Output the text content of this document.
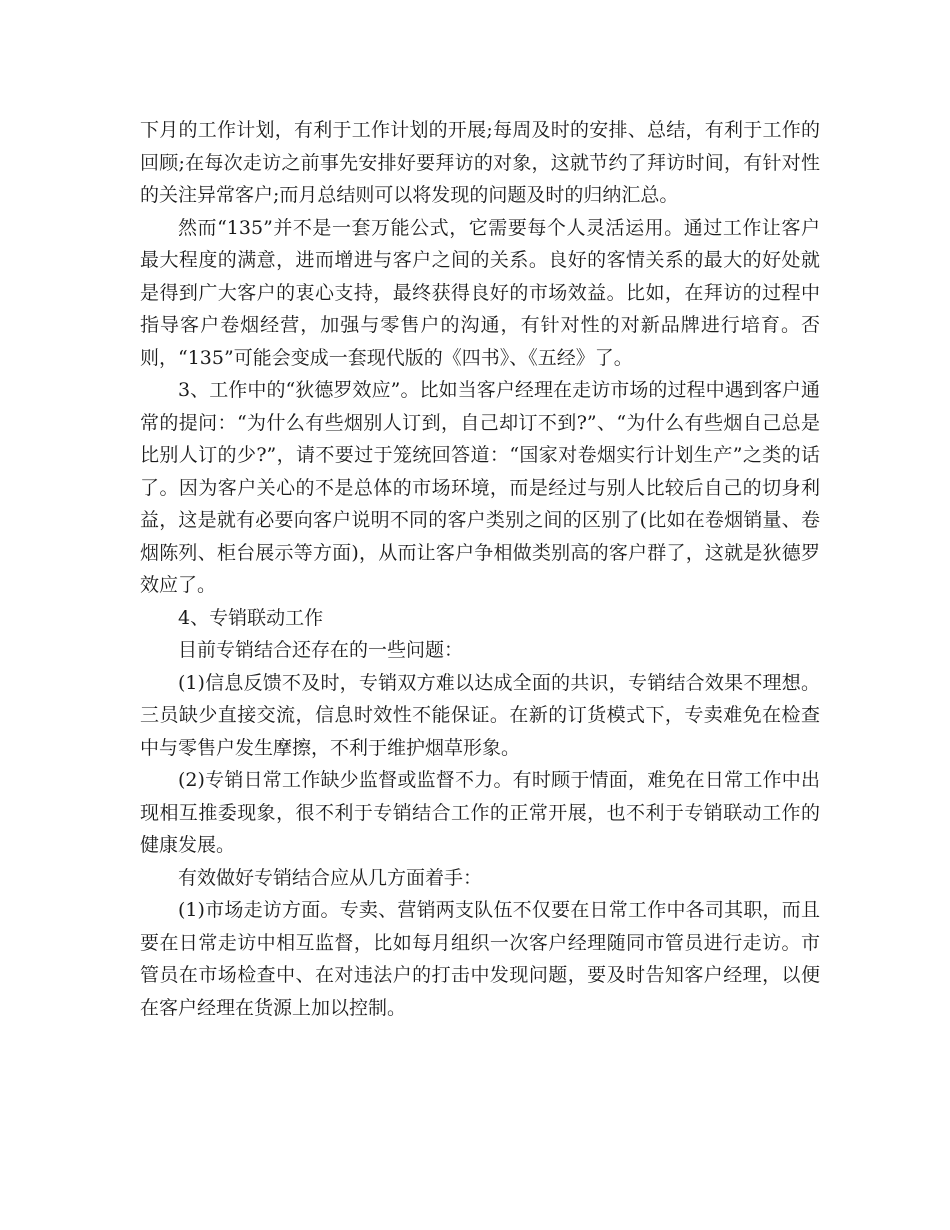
下月的工作计划，有利于工作计划的开展;每周及时的安排、总结，有利于工作的回顾;在每次走访之前事先安排好要拜访的对象，这就节约了拜访时间，有针对性的关注异常客户;而月总结则可以将发现的问题及时的归纳汇总。

然而“135”并不是一套万能公式，它需要每个人灵活运用。通过工作让客户最大程度的满意，进而增进与客户之间的关系。良好的客情关系的最大的好处就是得到广大客户的衷心支持，最终获得良好的市场效益。比如，在拜访的过程中指导客户卷烟经营，加强与零售户的沟通，有针对性的对新品牌进行培育。否则，“135”可能会变成一套现代版的《四书》、《五经》了。

3、工作中的“狄德罗效应”。比如当客户经理在走访市场的过程中遇到客户通常的提问：“为什么有些烟别人订到，自己却订不到?”、“为什么有些烟自己总是比别人订的少?”，请不要过于笼统回答道：“国家对卷烟实行计划生产”之类的话了。因为客户关心的不是总体的市场环境，而是经过与别人比较后自己的切身利益，这是就有必要向客户说明不同的客户类别之间的区别了(比如在卷烟销量、卷烟陈列、柜台展示等方面)，从而让客户争相做类别高的客户群了，这就是狄德罗效应了。

4、专销联动工作

目前专销结合还存在的一些问题：

(1)信息反馈不及时，专销双方难以达成全面的共识，专销结合效果不理想。三员缺少直接交流，信息时效性不能保证。在新的订货模式下，专卖难免在检查中与零售户发生摩擦，不利于维护烟草形象。

(2)专销日常工作缺少监督或监督不力。有时顾于情面，难免在日常工作中出现相互推委现象，很不利于专销结合工作的正常开展，也不利于专销联动工作的健康发展。

有效做好专销结合应从几方面着手：

(1)市场走访方面。专卖、营销两支队伍不仅要在日常工作中各司其职，而且要在日常走访中相互监督，比如每月组织一次客户经理随同市管员进行走访。市管员在市场检查中、在对违法户的打击中发现问题，要及时告知客户经理，以便在客户经理在货源上加以控制。
